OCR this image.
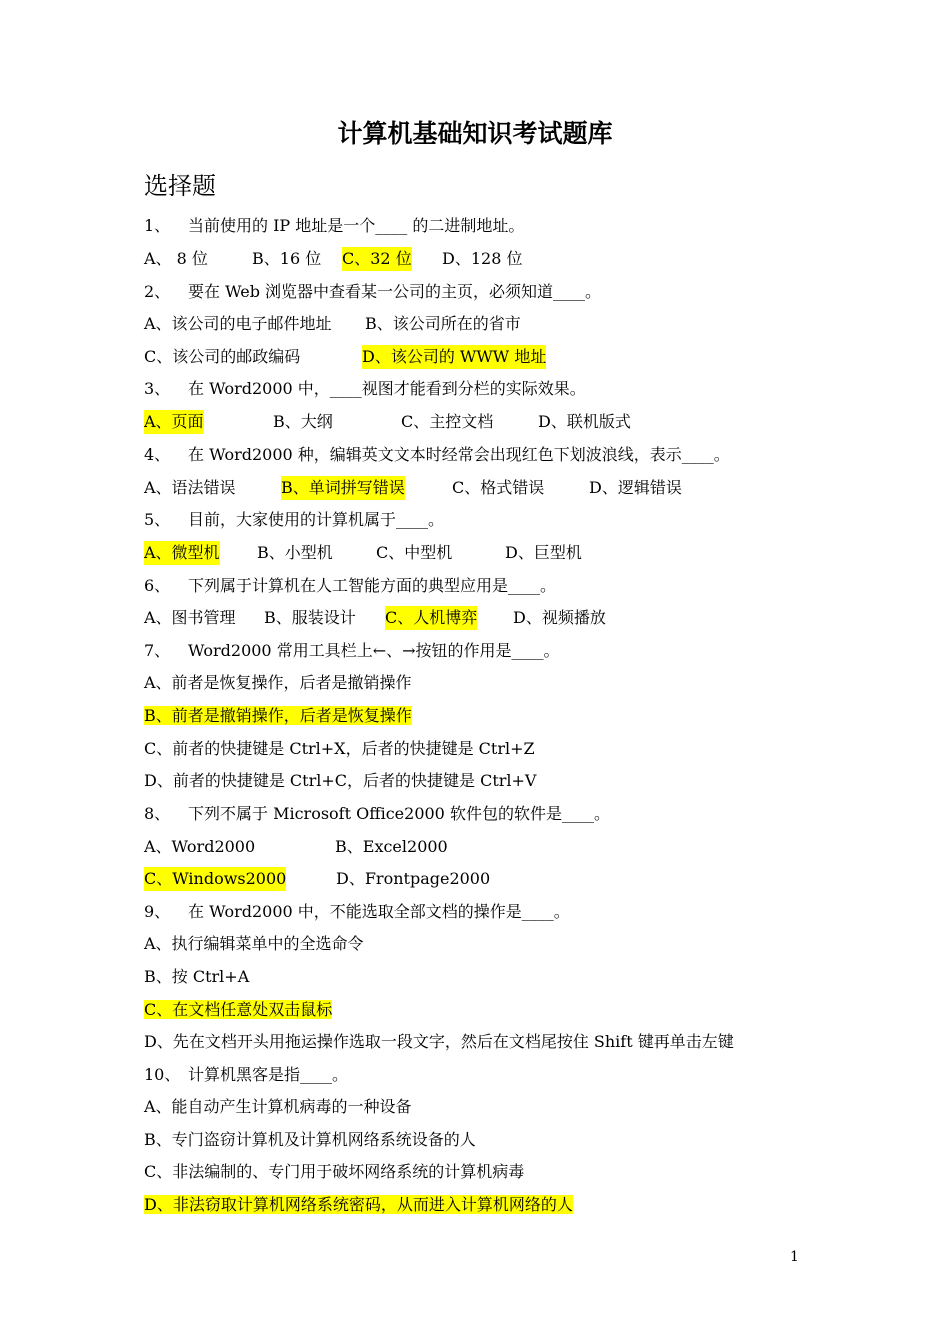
计算机基础知识考试题库
选择题
1、 当前使用的 IP 地址是一个____ 的二进制地址。
A、 8 位	B、16 位 C、32 位 D、128 位
2、 要在 Web 浏览器中查看某一公司的主页，必须知道____。
A、该公司的电子邮件地址 B、该公司所在的省市
C、该公司的邮政编码	D、该公司的 WWW 地址
3、 在 Word2000 中，____视图才能看到分栏的实际效果。
A、页面	B、大纲	C、主控文档	D、联机版式
4、 在 Word2000 种，编辑英文文本时经常会出现红色下划波浪线，表示____。
A、语法错误	B、单词拼写错误	C、格式错误	D、逻辑错误
5、 目前，大家使用的计算机属于____。
A、微型机 B、小型机	C、中型机	D、巨型机
6、 下列属于计算机在人工智能方面的典型应用是____。
A、图书管理 B、服装设计 C、人机博弈 D、视频播放
7、 Word2000 常用工具栏上←、→按钮的作用是____。
A、前者是恢复操作，后者是撤销操作
B、前者是撤销操作，后者是恢复操作
C、前者的快捷键是 Ctrl+X，后者的快捷键是 Ctrl+Z
D、前者的快捷键是 Ctrl+C，后者的快捷键是 Ctrl+V
8、 下列不属于 Microsoft Office2000 软件包的软件是____。
A、Word2000	B、Excel2000
C、Windows2000	D、Frontpage2000
9、 在 Word2000 中，不能选取全部文档的操作是____。
A、执行编辑菜单中的全选命令
B、按 Ctrl+A
C、在文档任意处双击鼠标
D、先在文档开头用拖运操作选取一段文字，然后在文档尾按住 Shift 键再单击左键
10、 计算机黑客是指____。
A、能自动产生计算机病毒的一种设备
B、专门盗窃计算机及计算机网络系统设备的人
C、非法编制的、专门用于破坏网络系统的计算机病毒
D、非法窃取计算机网络系统密码，从而进入计算机网络的人
1
